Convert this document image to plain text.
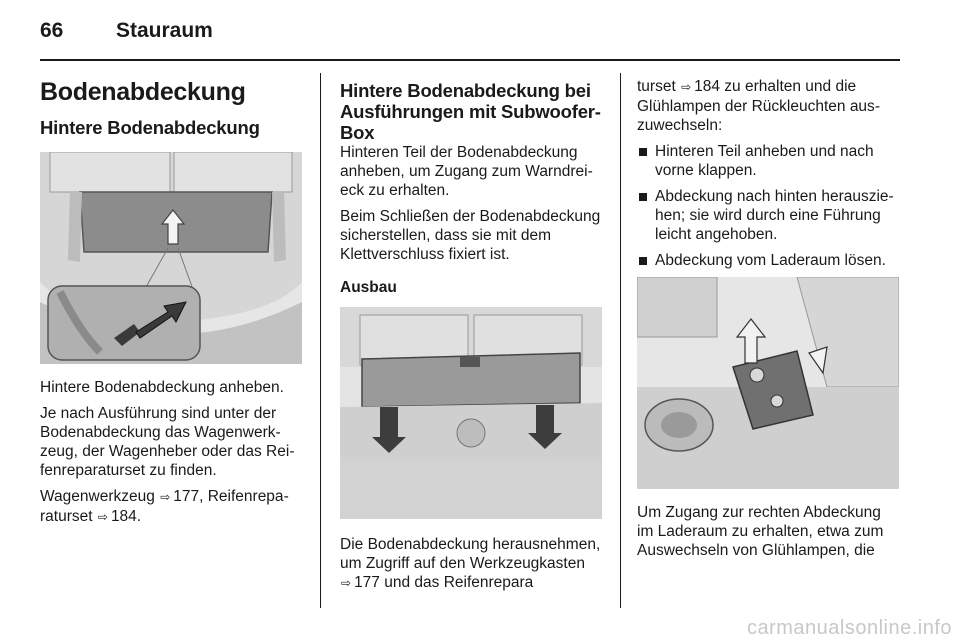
66	Stauraum
Bodenabdeckung
Hintere Bodenabdeckung

Hintere Bodenabdeckung anheben.

Je nach Ausführung sind unter der Bodenabdeckung das Wagenwerkzeug, der Wagenheber oder das Reifenreparaturset zu finden.

Wagenwerkzeug ⇨ 177, Reifenreparaturset ⇨ 184.

Hintere Bodenabdeckung bei Ausführungen mit Subwoofer-Box

Hinteren Teil der Bodenabdeckung anheben, um Zugang zum Warndreieck zu erhalten.

Beim Schließen der Bodenabdeckung sicherstellen, dass sie mit dem Klettverschluss fixiert ist.

Ausbau

Die Bodenabdeckung herausnehmen, um Zugriff auf den Werkzeugkasten ⇨ 177 und das Reifenrepara

turset ⇨ 184 zu erhalten und die Glühlampen der Rückleuchten auszuwechseln:

Hinteren Teil anheben und nach vorne klappen.
Abdeckung nach hinten herausziehen; sie wird durch eine Führung leicht angehoben.
Abdeckung vom Laderaum lösen.

Um Zugang zur rechten Abdeckung im Laderaum zu erhalten, etwa zum Auswechseln von Glühlampen, die

carmanualsonline.info
